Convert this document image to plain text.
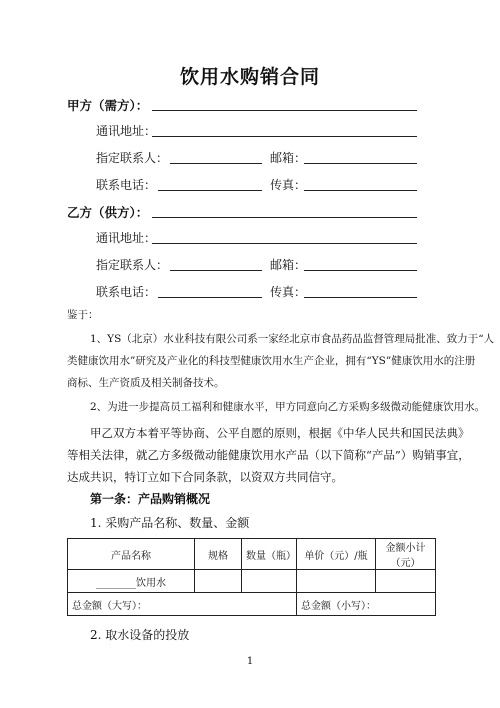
饮用水购销合同
甲方（需方）：
通讯地址：
指定联系人：	邮箱：
联系电话：	传真：
乙方（供方）：
通讯地址：
指定联系人：	邮箱：
联系电话：	传真：
鉴于：
1、YS（北京）水业科技有限公司系一家经北京市食品药品监督管理局批准、致力于“人
类健康饮用水”研究及产业化的科技型健康饮用水生产企业，拥有“YS”健康饮用水的注册
商标、生产资质及相关制备技术。
2、为进一步提高员工福利和健康水平，甲方同意向乙方采购多级微动能健康饮用水。
甲乙双方本着平等协商、公平自愿的原则，根据《中华人民共和国民法典》
等相关法律，就乙方多级微动能健康饮用水产品（以下简称“产品”）购销事宜，
达成共识，特订立如下合同条款，以资双方共同信守。
第一条：产品购销概况
1. 采购产品名称、数量、金额
产品名称	规格	数量（瓶）	单价（元）/瓶	金额小计（元）
________饮用水				
总金额（大写）：			总金额（小写）：	
2. 取水设备的投放
1
